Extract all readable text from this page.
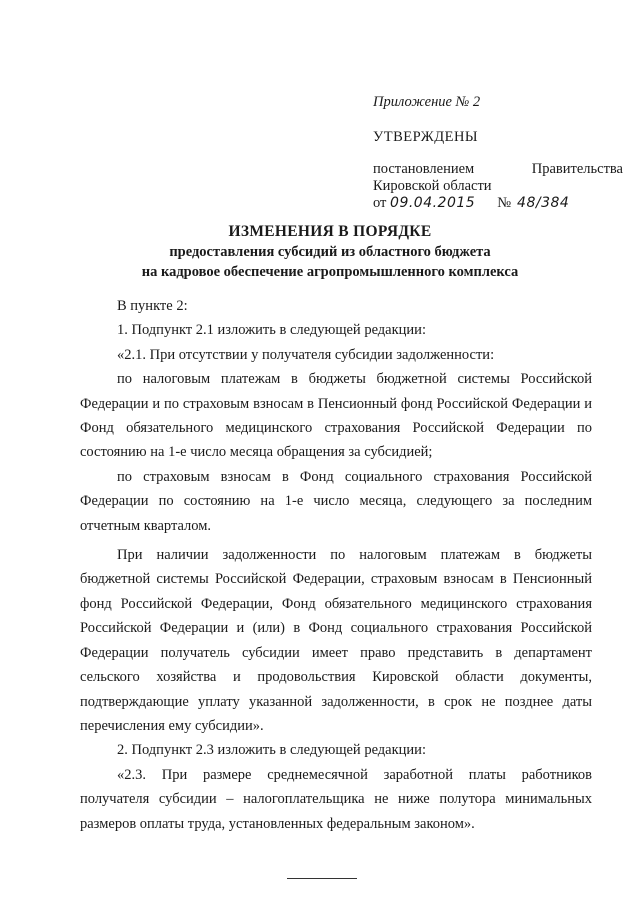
Приложение № 2
УТВЕРЖДЕНЫ
постановлением	Правительства
Кировской области
от
09.04.2015 № 48/384
ИЗМЕНЕНИЯ В ПОРЯДКЕ
предоставления субсидий из областного бюджета
на кадровое обеспечение агропромышленного комплекса

В пункте 2:

1. Подпункт 2.1 изложить в следующей редакции:

«2.1. При отсутствии у получателя субсидии задолженности:

по налоговым платежам в бюджеты бюджетной системы Российской Федерации и по страховым взносам в Пенсионный фонд Российской Федерации и Фонд обязательного медицинского страхования Российской Федерации по состоянию на 1-е число месяца обращения за субсидией;

по страховым взносам в Фонд социального страхования Российской Федерации по состоянию на 1-е число месяца, следующего за последним отчетным кварталом.

При наличии задолженности по налоговым платежам в бюджеты бюджетной системы Российской Федерации, страховым взносам в Пенсионный фонд Российской Федерации, Фонд обязательного медицинского страхования Российской Федерации и (или) в Фонд социального страхования Российской Федерации получатель субсидии имеет право представить в департамент сельского хозяйства и продовольствия Кировской области документы, подтверждающие уплату указанной задолженности, в срок не позднее даты перечисления ему субсидии».

2. Подпункт 2.3 изложить в следующей редакции:

«2.3. При размере среднемесячной заработной платы работников получателя субсидии – налогоплательщика не ниже полутора минимальных размеров оплаты труда, установленных федеральным законом».
